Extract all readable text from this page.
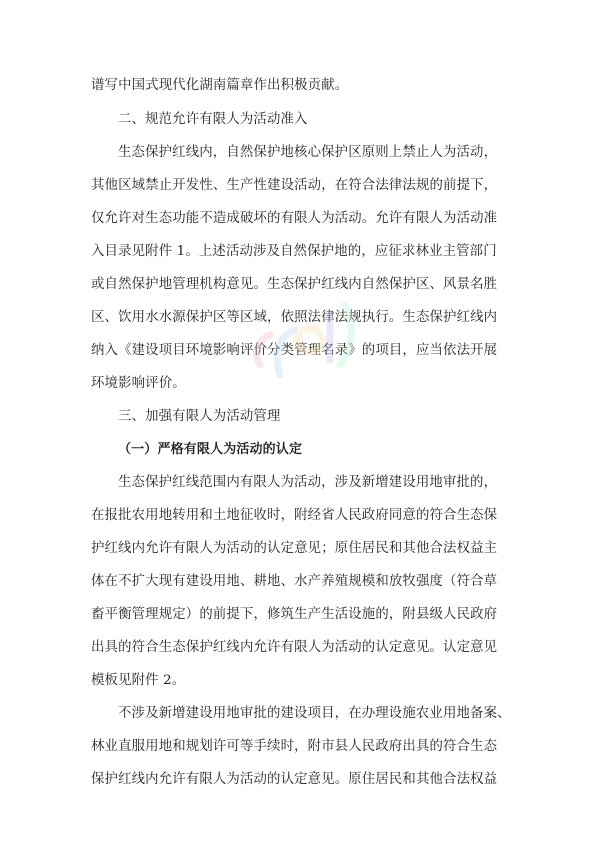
谱写中国式现代化湖南篇章作出积极贡献。
二、规范允许有限人为活动准入
生态保护红线内，自然保护地核心保护区原则上禁止人为活动，
其他区域禁止开发性、生产性建设活动，在符合法律法规的前提下，
仅允许对生态功能不造成破坏的有限人为活动。允许有限人为活动准
入目录见附件 1。上述活动涉及自然保护地的，应征求林业主管部门
或自然保护地管理机构意见。生态保护红线内自然保护区、风景名胜
区、饮用水水源保护区等区域，依照法律法规执行。生态保护红线内
纳入《建设项目环境影响评价分类管理名录》的项目，应当依法开展
环境影响评价。
三、加强有限人为活动管理
（一）严格有限人为活动的认定
生态保护红线范围内有限人为活动，涉及新增建设用地审批的，
在报批农用地转用和土地征收时，附经省人民政府同意的符合生态保
护红线内允许有限人为活动的认定意见；原住居民和其他合法权益主
体在不扩大现有建设用地、耕地、水产养殖规模和放牧强度（符合草
畜平衡管理规定）的前提下，修筑生产生活设施的，附县级人民政府
出具的符合生态保护红线内允许有限人为活动的认定意见。认定意见
模板见附件 2。
不涉及新增建设用地审批的建设项目，在办理设施农业用地备案、
林业直服用地和规划许可等手续时，附市县人民政府出具的符合生态
保护红线内允许有限人为活动的认定意见。原住居民和其他合法权益
